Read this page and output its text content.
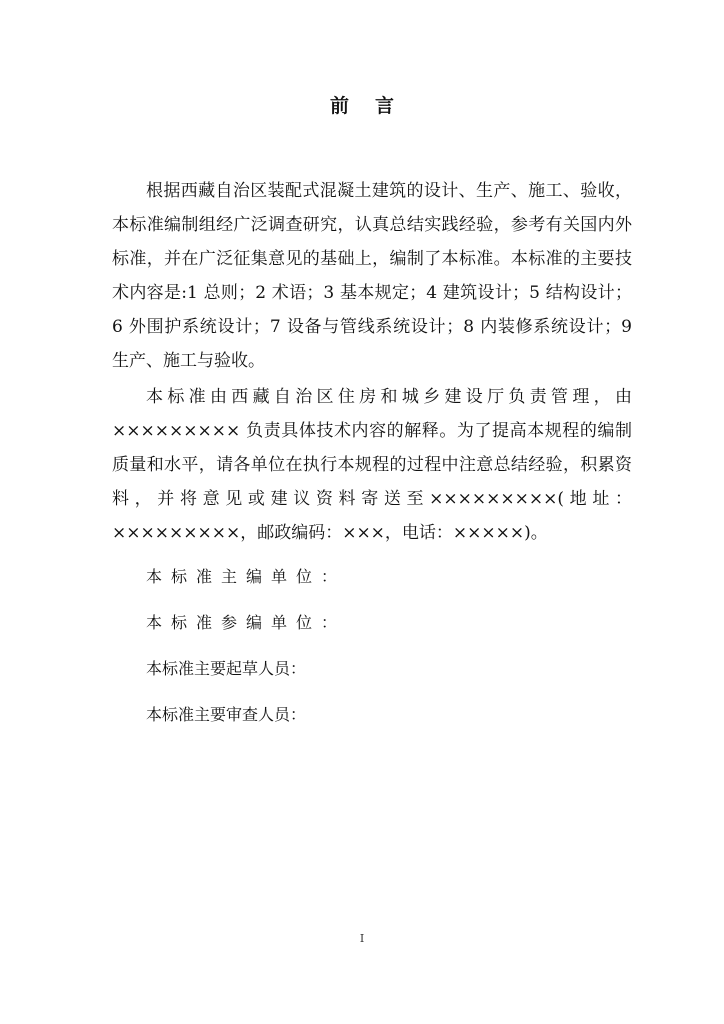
前言

根据西藏自治区装配式混凝土建筑的设计、生产、施工、验收，本标准编制组经广泛调查研究，认真总结实践经验，参考有关国内外标准，并在广泛征集意见的基础上，编制了本标准。本标准的主要技术内容是:1 总则；2 术语；3 基本规定；4 建筑设计；5 结构设计；6 外围护系统设计；7 设备与管线系统设计；8 内装修系统设计；9 生产、施工与验收。

本标准由西藏自治区住房和城乡建设厅负责管理，由××××××××× 负责具体技术内容的解释。为了提高本规程的编制质量和水平，请各单位在执行本规程的过程中注意总结经验，积累资料，并将意见或建议资料寄送至×××××××××(地址：×××××××××，邮政编码：×××，电话：×××××)。

本标准主编单位：
本标准参编单位：
本标准主要起草人员：
本标准主要审查人员：
I
